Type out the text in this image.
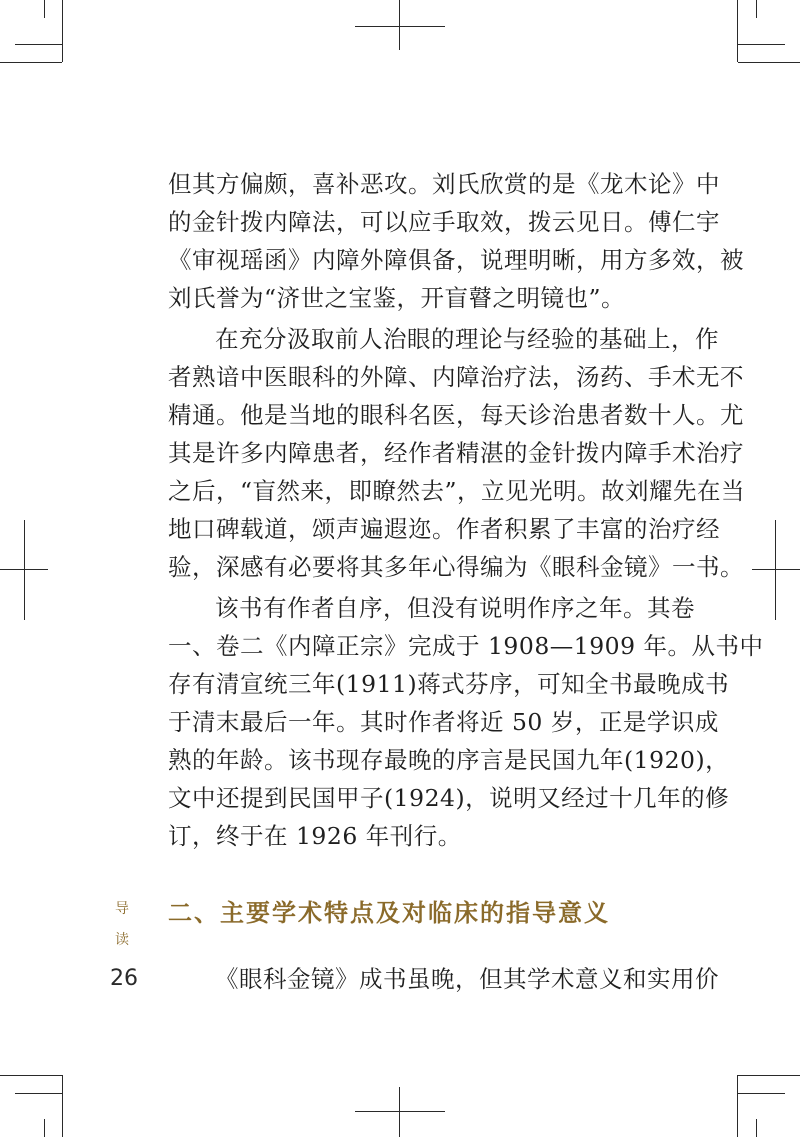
但其方偏颇，喜补恶攻。刘氏欣赏的是《龙木论》中
的金针拨内障法，可以应手取效，拨云见日。傅仁宇
《审视瑶函》内障外障俱备，说理明晰，用方多效，被
刘氏誉为“济世之宝鉴，开盲瞽之明镜也”。
在充分汲取前人治眼的理论与经验的基础上，作
者熟谙中医眼科的外障、内障治疗法，汤药、手术无不
精通。他是当地的眼科名医，每天诊治患者数十人。尤
其是许多内障患者，经作者精湛的金针拨内障手术治疗
之后，“盲然来，即瞭然去”，立见光明。故刘耀先在当
地口碑载道，颂声遍遐迩。作者积累了丰富的治疗经
验，深感有必要将其多年心得编为《眼科金镜》一书。
该书有作者自序，但没有说明作序之年。其卷
一、卷二《内障正宗》完成于 1908—1909 年。从书中
存有清宣统三年(1911)蒋式芬序，可知全书最晚成书
于清末最后一年。其时作者将近 50 岁，正是学识成
熟的年龄。该书现存最晚的序言是民国九年(1920)，
文中还提到民国甲子(1924)，说明又经过十几年的修
订，终于在 1926 年刊行。
二、主要学术特点及对临床的指导意义
导
读
26	《眼科金镜》成书虽晚，但其学术意义和实用价
